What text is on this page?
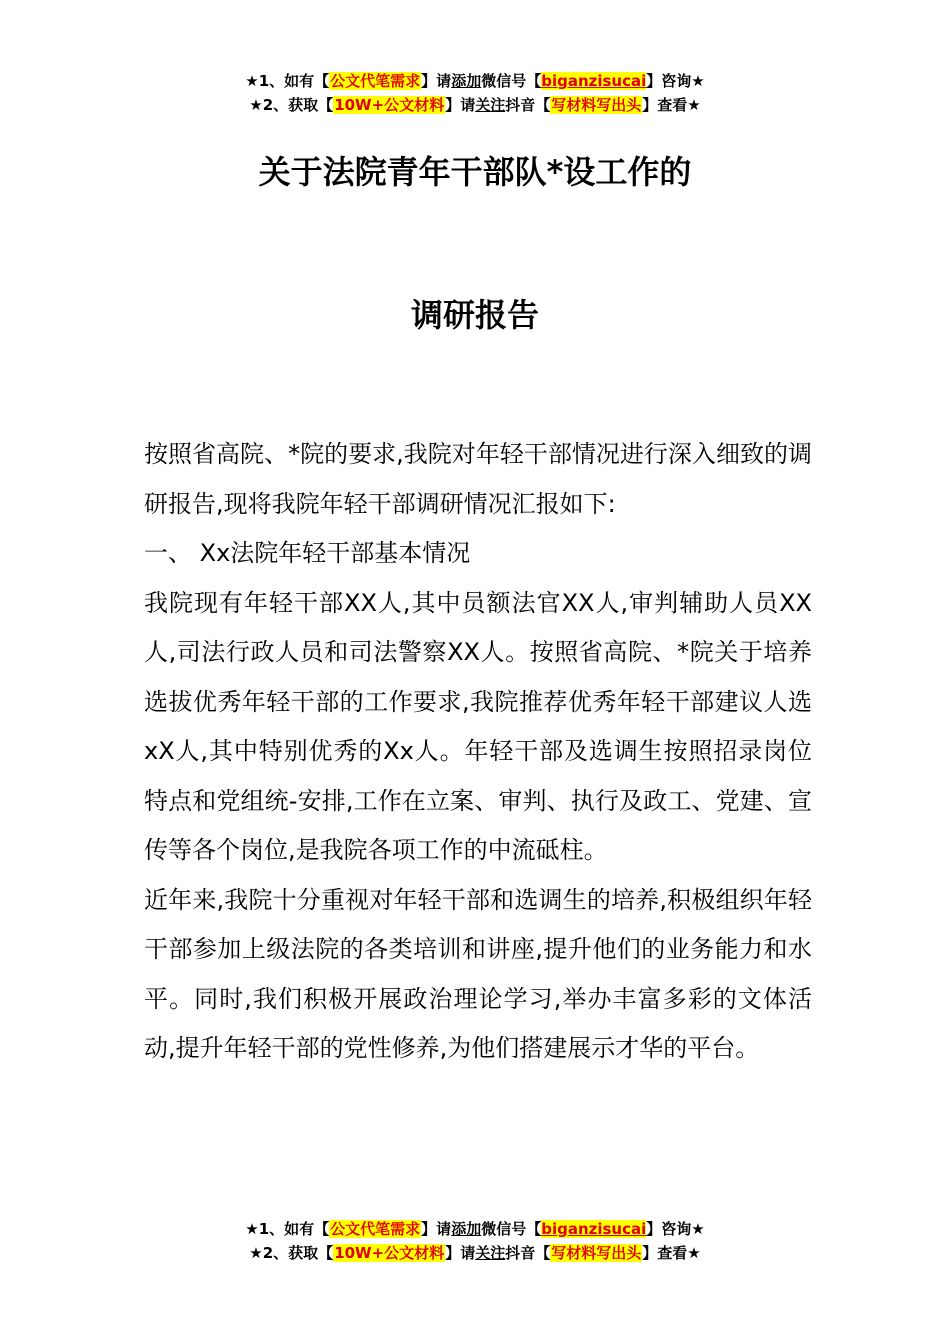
★1、如有【公文代笔需求】请添加微信号【biganzisucai】咨询★
★2、获取【10W+公文材料】请关注抖音【写材料写出头】查看★
关于法院青年干部队*设工作的
调研报告

按照省高院、*院的要求,我院对年轻干部情况进行深入细致的调研报告,现将我院年轻干部调研情况汇报如下:

一、 Xx法院年轻干部基本情况

我院现有年轻干部XX人,其中员额法官XX人,审判辅助人员XX人,司法行政人员和司法警察XX人。按照省高院、*院关于培养选拔优秀年轻干部的工作要求,我院推荐优秀年轻干部建议人选xX人,其中特别优秀的Xx人。年轻干部及选调生按照招录岗位特点和党组统-安排,工作在立案、审判、执行及政工、党建、宣传等各个岗位,是我院各项工作的中流砥柱。

近年来,我院十分重视对年轻干部和选调生的培养,积极组织年轻干部参加上级法院的各类培训和讲座,提升他们的业务能力和水平。同时,我们积极开展政治理论学习,举办丰富多彩的文体活动,提升年轻干部的党性修养,为他们搭建展示才华的平台。

★1、如有【公文代笔需求】请添加微信号【biganzisucai】咨询★
★2、获取【10W+公文材料】请关注抖音【写材料写出头】查看★
